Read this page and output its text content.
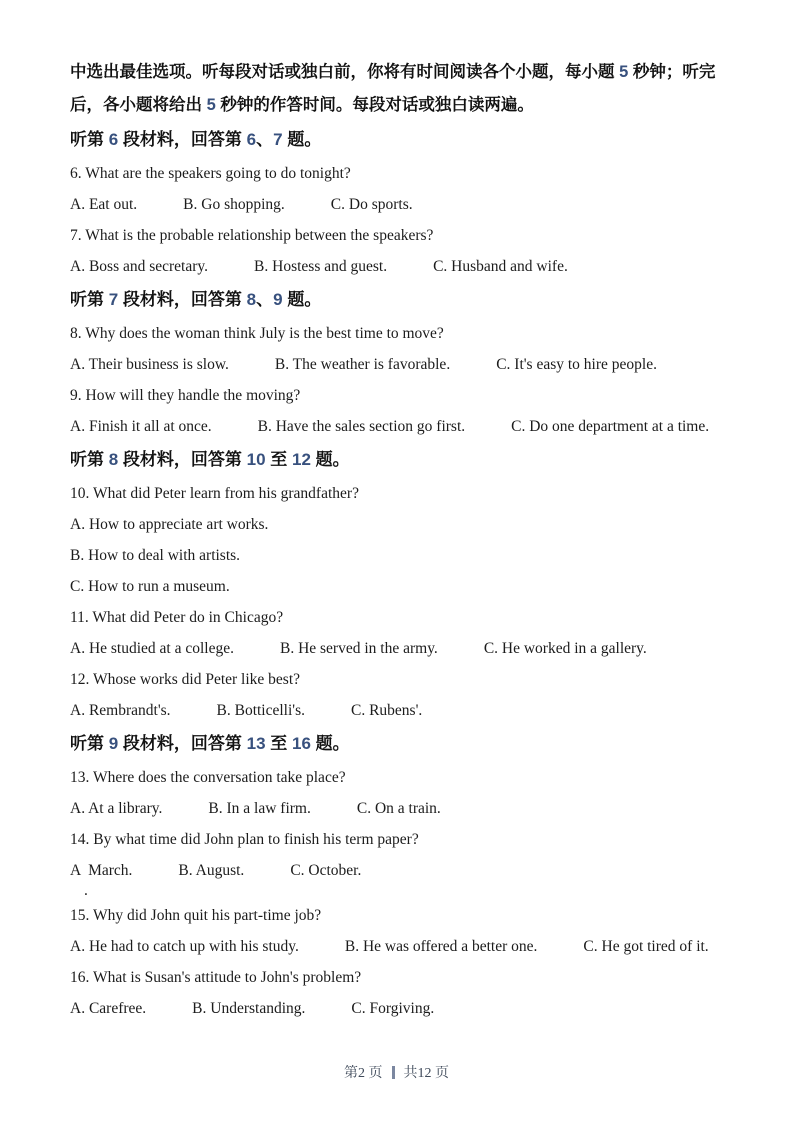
中选出最佳选项。听每段对话或独白前，你将有时间阅读各个小题，每小题 5 秒钟；听完
后，各小题将给出 5 秒钟的作答时间。每段对话或独白读两遍。
听第 6 段材料，回答第 6、7 题。
6. What are the speakers going to do tonight?
A. Eat out.	B. Go shopping.	C. Do sports.
7. What is the probable relationship between the speakers?
A. Boss and secretary.	B. Hostess and guest.	C. Husband and wife.
听第 7 段材料，回答第 8、9 题。
8. Why does the woman think July is the best time to move?
A. Their business is slow.	B. The weather is favorable.	C. It's easy to hire people.
9. How will they handle the moving?
A. Finish it all at once.	B. Have the sales section go first.	C. Do one department at a time.
听第 8 段材料，回答第 10 至 12 题。
10. What did Peter learn from his grandfather?
A. How to appreciate art works.
B. How to deal with artists.
C. How to run a museum.
11. What did Peter do in Chicago?
A. He studied at a college.	B. He served in the army.	C. He worked in a gallery.
12. Whose works did Peter like best?
A. Rembrandt's.	B. Botticelli's.	C. Rubens'.
听第 9 段材料，回答第 13 至 16 题。
13. Where does the conversation take place?
A. At a library.	B. In a law firm.	C. On a train.
14. By what time did John plan to finish his term paper?
A  March.	B. August.	C. October.
.
15. Why did John quit his part-time job?
A. He had to catch up with his study.	B. He was offered a better one.	C. He got tired of it.
16. What is Susan's attitude to John's problem?
A. Carefree.	B. Understanding.	C. Forgiving.
第2 页 共12 页
